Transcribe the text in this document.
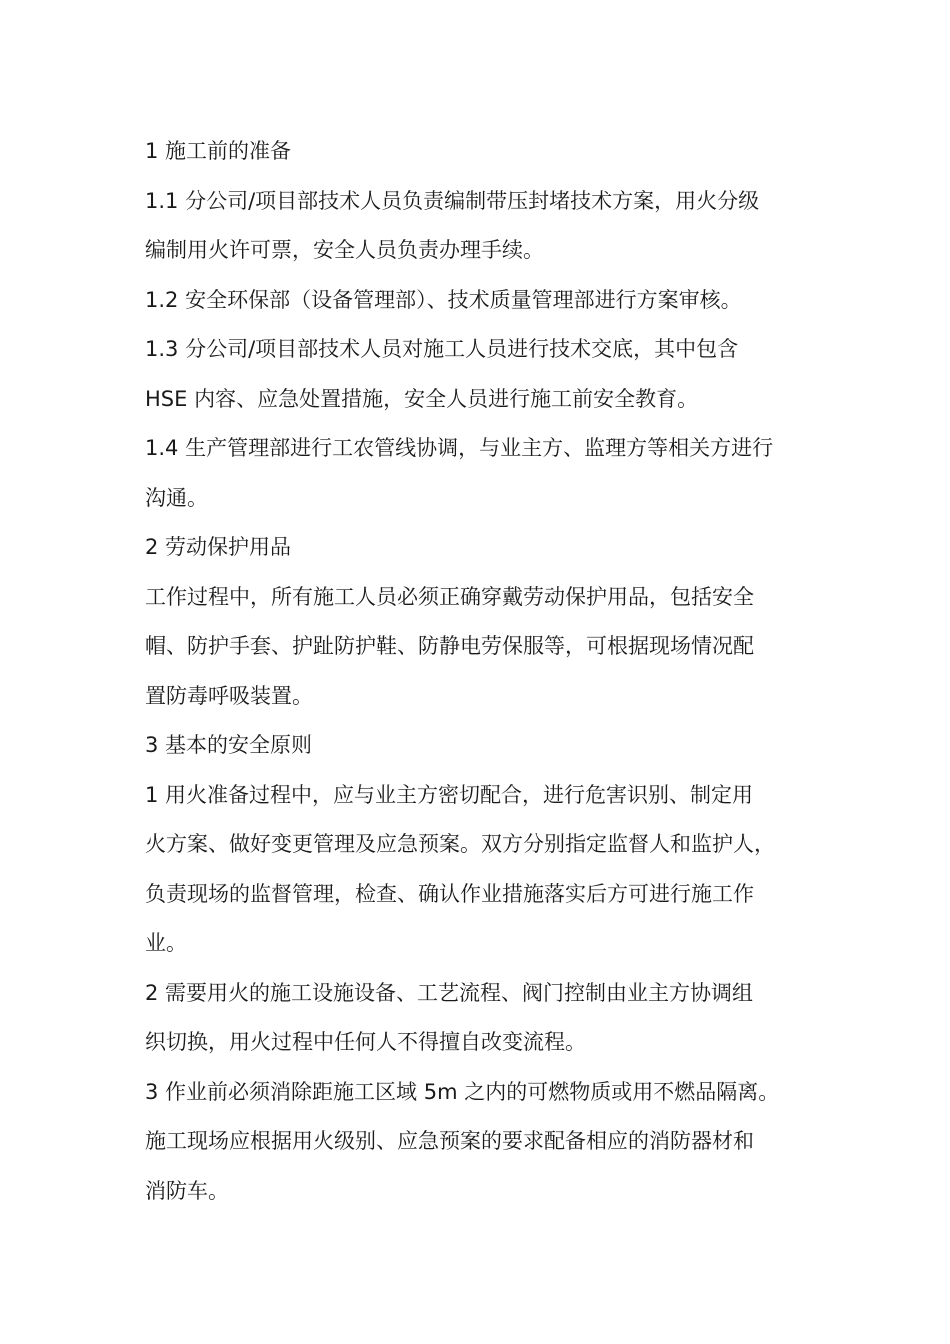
1 施工前的准备

1.1 分公司/项目部技术人员负责编制带压封堵技术方案，用火分级

编制用火许可票，安全人员负责办理手续。

1.2 安全环保部（设备管理部）、技术质量管理部进行方案审核。

1.3 分公司/项目部技术人员对施工人员进行技术交底，其中包含

HSE 内容、应急处置措施，安全人员进行施工前安全教育。

1.4 生产管理部进行工农管线协调，与业主方、监理方等相关方进行

沟通。

2 劳动保护用品

工作过程中，所有施工人员必须正确穿戴劳动保护用品，包括安全

帽、防护手套、护趾防护鞋、防静电劳保服等，可根据现场情况配

置防毒呼吸装置。

3 基本的安全原则

1 用火准备过程中，应与业主方密切配合，进行危害识别、制定用

火方案、做好变更管理及应急预案。双方分别指定监督人和监护人，

负责现场的监督管理，检查、确认作业措施落实后方可进行施工作

业。

2 需要用火的施工设施设备、工艺流程、阀门控制由业主方协调组

织切换，用火过程中任何人不得擅自改变流程。

3 作业前必须消除距施工区域 5m 之内的可燃物质或用不燃品隔离。

施工现场应根据用火级别、应急预案的要求配备相应的消防器材和

消防车。
